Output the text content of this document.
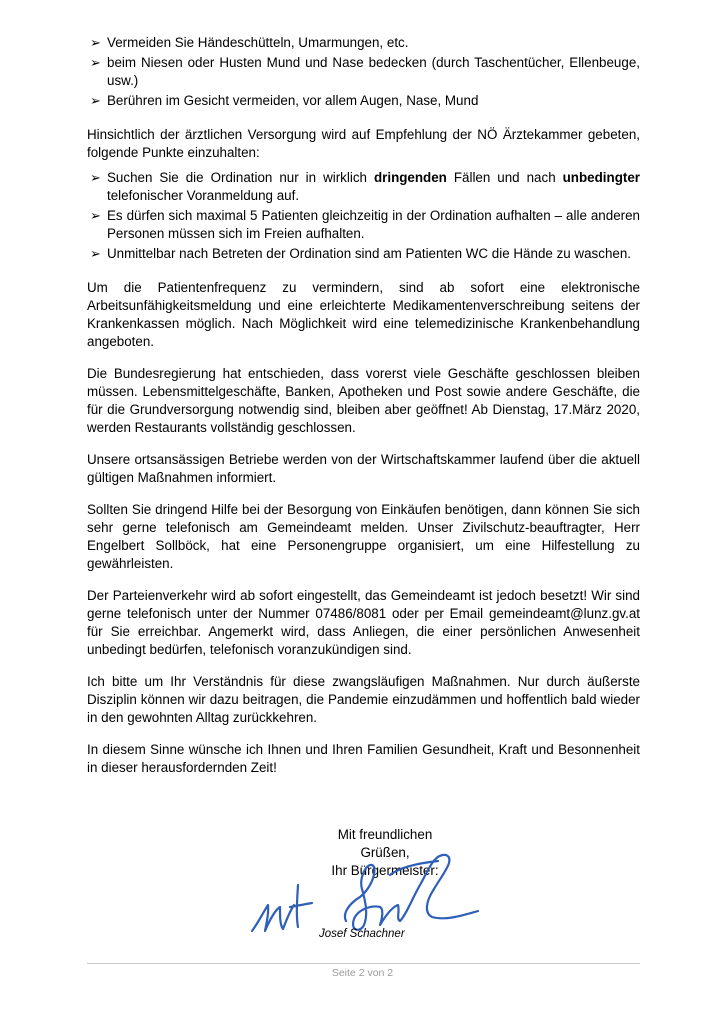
➢ Vermeiden Sie Händeschütteln, Umarmungen, etc.
➢ beim Niesen oder Husten Mund und Nase bedecken (durch Taschentücher, Ellenbeuge, usw.)
➢ Berühren im Gesicht vermeiden, vor allem Augen, Nase, Mund

Hinsichtlich der ärztlichen Versorgung wird auf Empfehlung der NÖ Ärztekammer gebeten, folgende Punkte einzuhalten:

➢ Suchen Sie die Ordination nur in wirklich dringenden Fällen und nach unbedingter telefonischer Voranmeldung auf.
➢ Es dürfen sich maximal 5 Patienten gleichzeitig in der Ordination aufhalten – alle anderen Personen müssen sich im Freien aufhalten.
➢ Unmittelbar nach Betreten der Ordination sind am Patienten WC die Hände zu waschen.

Um die Patientenfrequenz zu vermindern, sind ab sofort eine elektronische Arbeitsunfähigkeitsmeldung und eine erleichterte Medikamentenverschreibung seitens der Krankenkassen möglich. Nach Möglichkeit wird eine telemedizinische Krankenbehandlung angeboten.

Die Bundesregierung hat entschieden, dass vorerst viele Geschäfte geschlossen bleiben müssen. Lebensmittelgeschäfte, Banken, Apotheken und Post sowie andere Geschäfte, die für die Grundversorgung notwendig sind, bleiben aber geöffnet! Ab Dienstag, 17.März 2020, werden Restaurants vollständig geschlossen.

Unsere ortsansässigen Betriebe werden von der Wirtschaftskammer laufend über die aktuell gültigen Maßnahmen informiert.

Sollten Sie dringend Hilfe bei der Besorgung von Einkäufen benötigen, dann können Sie sich sehr gerne telefonisch am Gemeindeamt melden. Unser Zivilschutz-beauftragter, Herr Engelbert Sollböck, hat eine Personengruppe organisiert, um eine Hilfestellung zu gewährleisten.

Der Parteienverkehr wird ab sofort eingestellt, das Gemeindeamt ist jedoch besetzt! Wir sind gerne telefonisch unter der Nummer 07486/8081 oder per Email gemeindeamt@lunz.gv.at für Sie erreichbar. Angemerkt wird, dass Anliegen, die einer persönlichen Anwesenheit unbedingt bedürfen, telefonisch voranzukündigen sind.

Ich bitte um Ihr Verständnis für diese zwangsläufigen Maßnahmen. Nur durch äußerste Disziplin können wir dazu beitragen, die Pandemie einzudämmen und hoffentlich bald wieder in den gewohnten Alltag zurückkehren.

In diesem Sinne wünsche ich Ihnen und Ihren Familien Gesundheit, Kraft und Besonnenheit in dieser herausfordernden Zeit!

Mit freundlichen Grüßen,
Ihr Bürgermeister:
Josef Schachner
Seite 2 von 2
